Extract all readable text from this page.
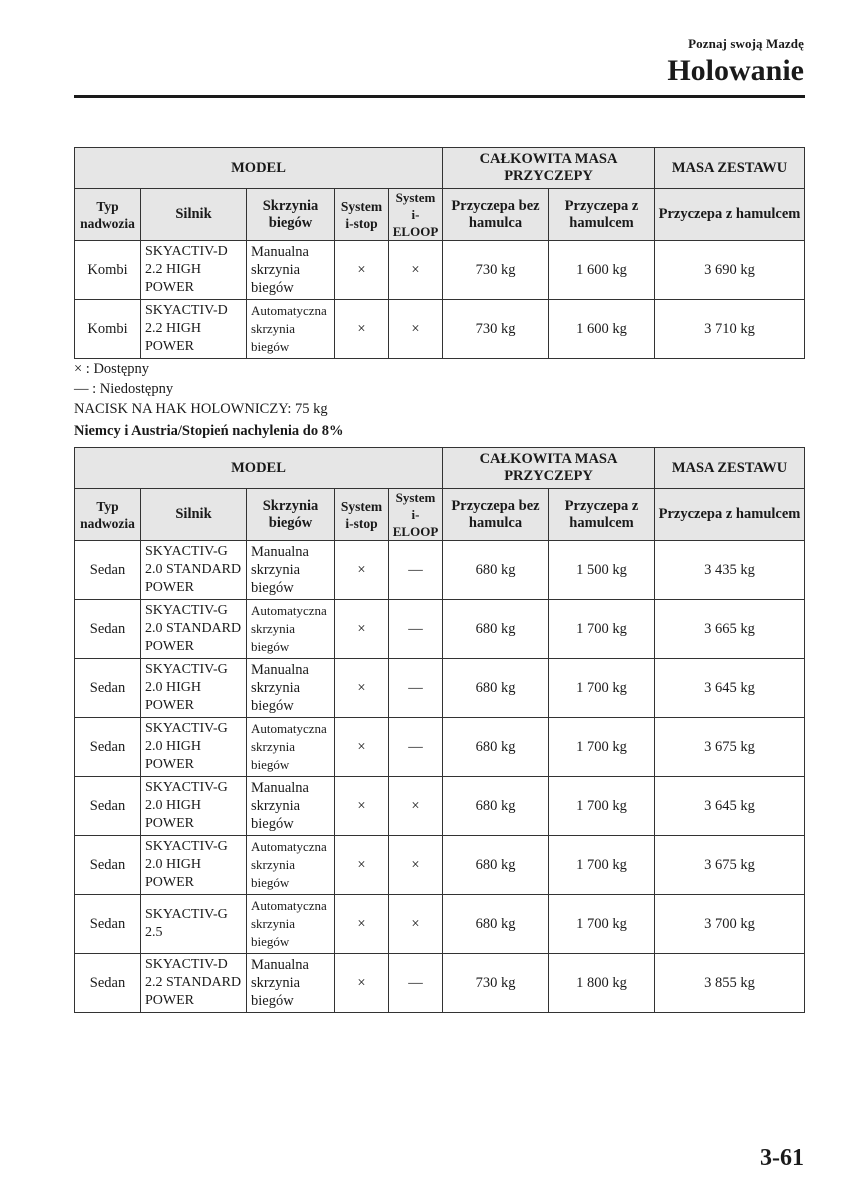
Poznaj swoją Mazdę
Holowanie
MODEL					CAŁKOWITA MASA PRZYCZEPY		MASA ZESTAWU
Typ nadwozia	Silnik	Skrzynia biegów	System i-stop	System i-ELOOP	Przyczepa bez hamulca	Przyczepa z hamulcem	Przyczepa z hamulcem
Kombi	SKYACTIV-D 2.2 HIGH POWER	Manualna skrzynia biegów	×	×	730 kg	1 600 kg	3 690 kg
Kombi	SKYACTIV-D 2.2 HIGH POWER	Automatyczna skrzynia biegów	×	×	730 kg	1 600 kg	3 710 kg
× : Dostępny
— : Niedostępny
NACISK NA HAK HOLOWNICZY: 75 kg
Niemcy i Austria/Stopień nachylenia do 8%
MODEL					CAŁKOWITA MASA PRZYCZEPY		MASA ZESTAWU
Typ nadwozia	Silnik	Skrzynia biegów	System i-stop	System i-ELOOP	Przyczepa bez hamulca	Przyczepa z hamulcem	Przyczepa z hamulcem
Sedan	SKYACTIV-G 2.0 STANDARD POWER	Manualna skrzynia biegów	×	—	680 kg	1 500 kg	3 435 kg
Sedan	SKYACTIV-G 2.0 STANDARD POWER	Automatyczna skrzynia biegów	×	—	680 kg	1 700 kg	3 665 kg
Sedan	SKYACTIV-G 2.0 HIGH POWER	Manualna skrzynia biegów	×	—	680 kg	1 700 kg	3 645 kg
Sedan	SKYACTIV-G 2.0 HIGH POWER	Automatyczna skrzynia biegów	×	—	680 kg	1 700 kg	3 675 kg
Sedan	SKYACTIV-G 2.0 HIGH POWER	Manualna skrzynia biegów	×	×	680 kg	1 700 kg	3 645 kg
Sedan	SKYACTIV-G 2.0 HIGH POWER	Automatyczna skrzynia biegów	×	×	680 kg	1 700 kg	3 675 kg
Sedan	SKYACTIV-G 2.5	Automatyczna skrzynia biegów	×	×	680 kg	1 700 kg	3 700 kg
Sedan	SKYACTIV-D 2.2 STANDARD POWER	Manualna skrzynia biegów	×	—	730 kg	1 800 kg	3 855 kg
3-61
